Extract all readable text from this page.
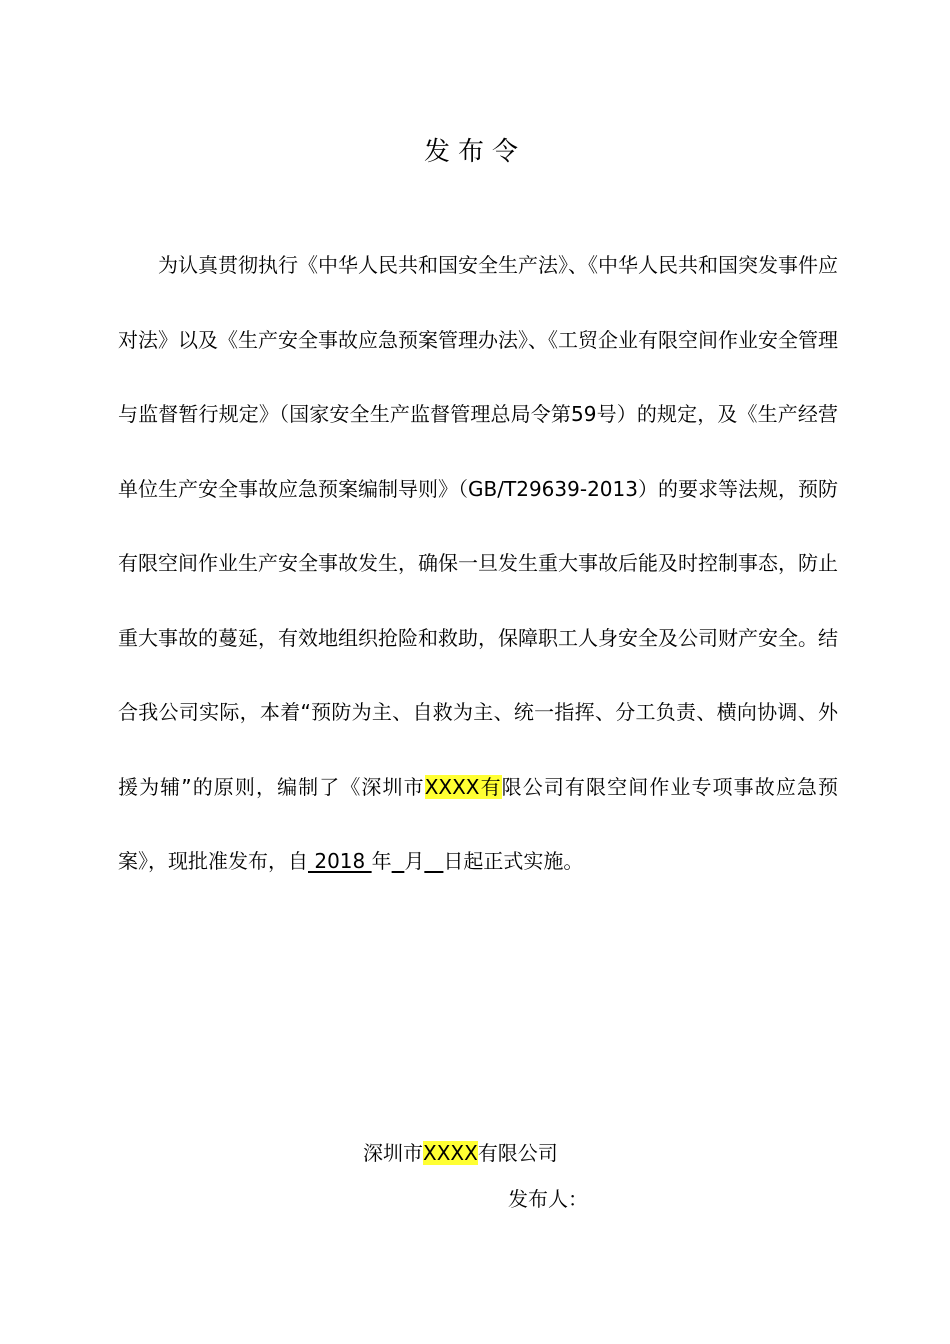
发布令

为认真贯彻执行《中华人民共和国安全生产法》、《中华人民共和国突发事件应对法》以及《生产安全事故应急预案管理办法》、《工贸企业有限空间作业安全管理与监督暂行规定》（国家安全生产监督管理总局令第59号）的规定，及《生产经营单位生产安全事故应急预案编制导则》（GB/T29639-2013）的要求等法规，预防有限空间作业生产安全事故发生，确保一旦发生重大事故后能及时控制事态，防止重大事故的蔓延，有效地组织抢险和救助，保障职工人身安全及公司财产安全。结合我公司实际，本着“预防为主、自救为主、统一指挥、分工负责、横向协调、外援为辅”的原则，编制了《深圳市XXXX有限公司有限空间作业专项事故应急预案》，现批准发布，自 2018 年 月 日起正式实施。

深圳市XXXX有限公司
发布人：
